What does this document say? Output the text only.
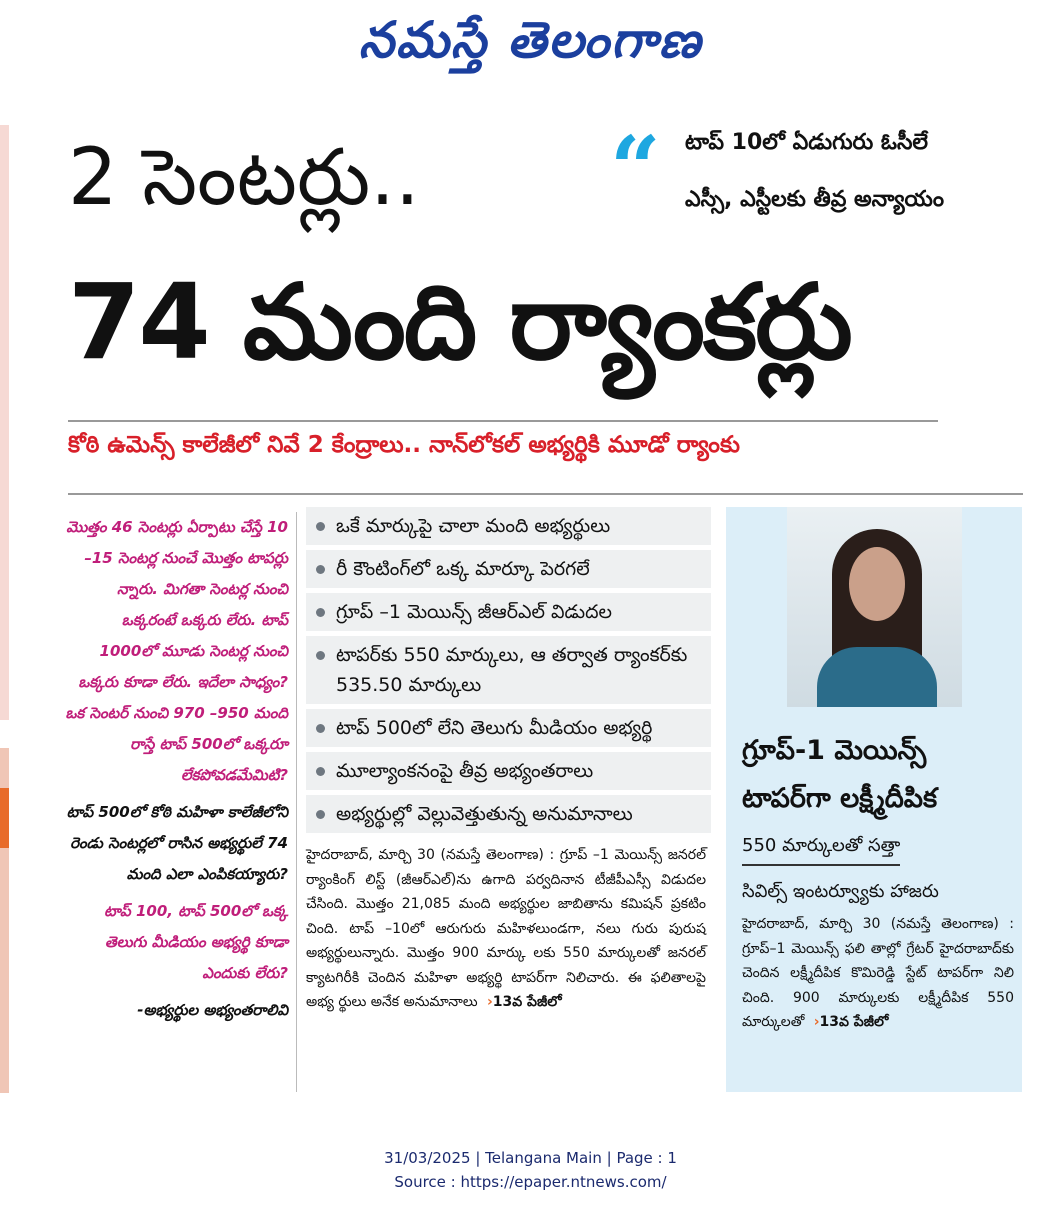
నమస్తే తెలంగాణ
2 సెంటర్లు.. “ టాప్ 10లో ఏడుగురు ఓసీలే
ఎస్సీ, ఎస్టీలకు తీవ్ర అన్యాయం
74 మంది ర్యాంకర్లు
కోఠి ఉమెన్స్ కాలేజీలో నివే 2 కేంద్రాలు.. నాన్‌లోకల్ అభ్యర్థికి మూడో ర్యాంకు

మొత్తం 46 సెంటర్లు ఏర్పాటు చేస్తే 10 –15 సెంటర్ల నుంచే మొత్తం టాపర్లు న్నారు. మిగతా సెంటర్ల నుంచి ఒక్కరంటే ఒక్కరు లేరు. టాప్ 1000లో మూడు సెంటర్ల నుంచి ఒక్కరు కూడా లేరు. ఇదేలా సాధ్యం? ఒక సెంటర్ నుంచి 970 –950 మంది రాస్తే టాప్ 500లో ఒక్కరూ లేకపోవడమేమిటి?

టాప్ 500లో కోఠి మహిళా కాలేజీలోని రెండు సెంటర్లలో రాసిన అభ్యర్థులే 74 మంది ఎలా ఎంపికయ్యారు?

టాప్ 100, టాప్ 500లో ఒక్క తెలుగు మీడియం అభ్యర్థి కూడా ఎందుకు లేరు?

-అభ్యర్థుల అభ్యంతరాలివి

ఒకే మార్కుపై చాలా మంది అభ్యర్థులు
రీ కౌంటింగ్‌లో ఒక్క మార్కూ పెరగలే
గ్రూప్ –1 మెయిన్స్ జీఆర్‌ఎల్ విడుదల
టాపర్‌కు 550 మార్కులు, ఆ తర్వాత ర్యాంకర్‌కు 535.50 మార్కులు
టాప్ 500లో లేని తెలుగు మీడియం అభ్యర్థి
మూల్యాంకనంపై తీవ్ర అభ్యంతరాలు
అభ్యర్థుల్లో వెల్లువెత్తుతున్న అనుమానాలు
హైదరాబాద్, మార్చి 30 (నమస్తే తెలంగాణ) : గ్రూప్ –1 మెయిన్స్ జనరల్ ర్యాంకింగ్ లిస్ట్ (జీఆర్‌ఎల్)ను ఉగాది పర్వదినాన టీజీపీఎస్సీ విడుదల చేసింది. మొత్తం 21,085 మంది అభ్యర్థుల జాబితాను కమిషన్ ప్రకటిం చింది. టాప్ –10లో ఆరుగురు మహిళలుండగా, నలు గురు పురుష అభ్యర్థులున్నారు. మొత్తం 900 మార్కు లకు 550 మార్కులతో జనరల్ క్యాటగిరీకి చెందిన మహిళా అభ్యర్థి టాపర్‌గా నిలిచారు. ఈ ఫలితాలపై అభ్య ర్థులు అనేక అనుమానాలు  ›13వ పేజీలో
గ్రూప్-1 మెయిన్స్ టాపర్‌గా లక్ష్మీదీపిక
550 మార్కులతో సత్తా
సివిల్స్ ఇంటర్వ్యూకు హాజరు
హైదరాబాద్, మార్చి 30 (నమస్తే తెలంగాణ) : గ్రూప్–1 మెయిన్స్ ఫలి తాల్లో గ్రేటర్ హైదరాబాద్‌కు చెందిన లక్ష్మీదీపిక కొమిరెడ్డి స్టేట్ టాపర్‌గా నిలి చింది. 900 మార్కులకు లక్ష్మీదీపిక 550 మార్కులతో  ›13వ పేజీలో
31/03/2025 | Telangana Main | Page : 1
Source : https://epaper.ntnews.com/
